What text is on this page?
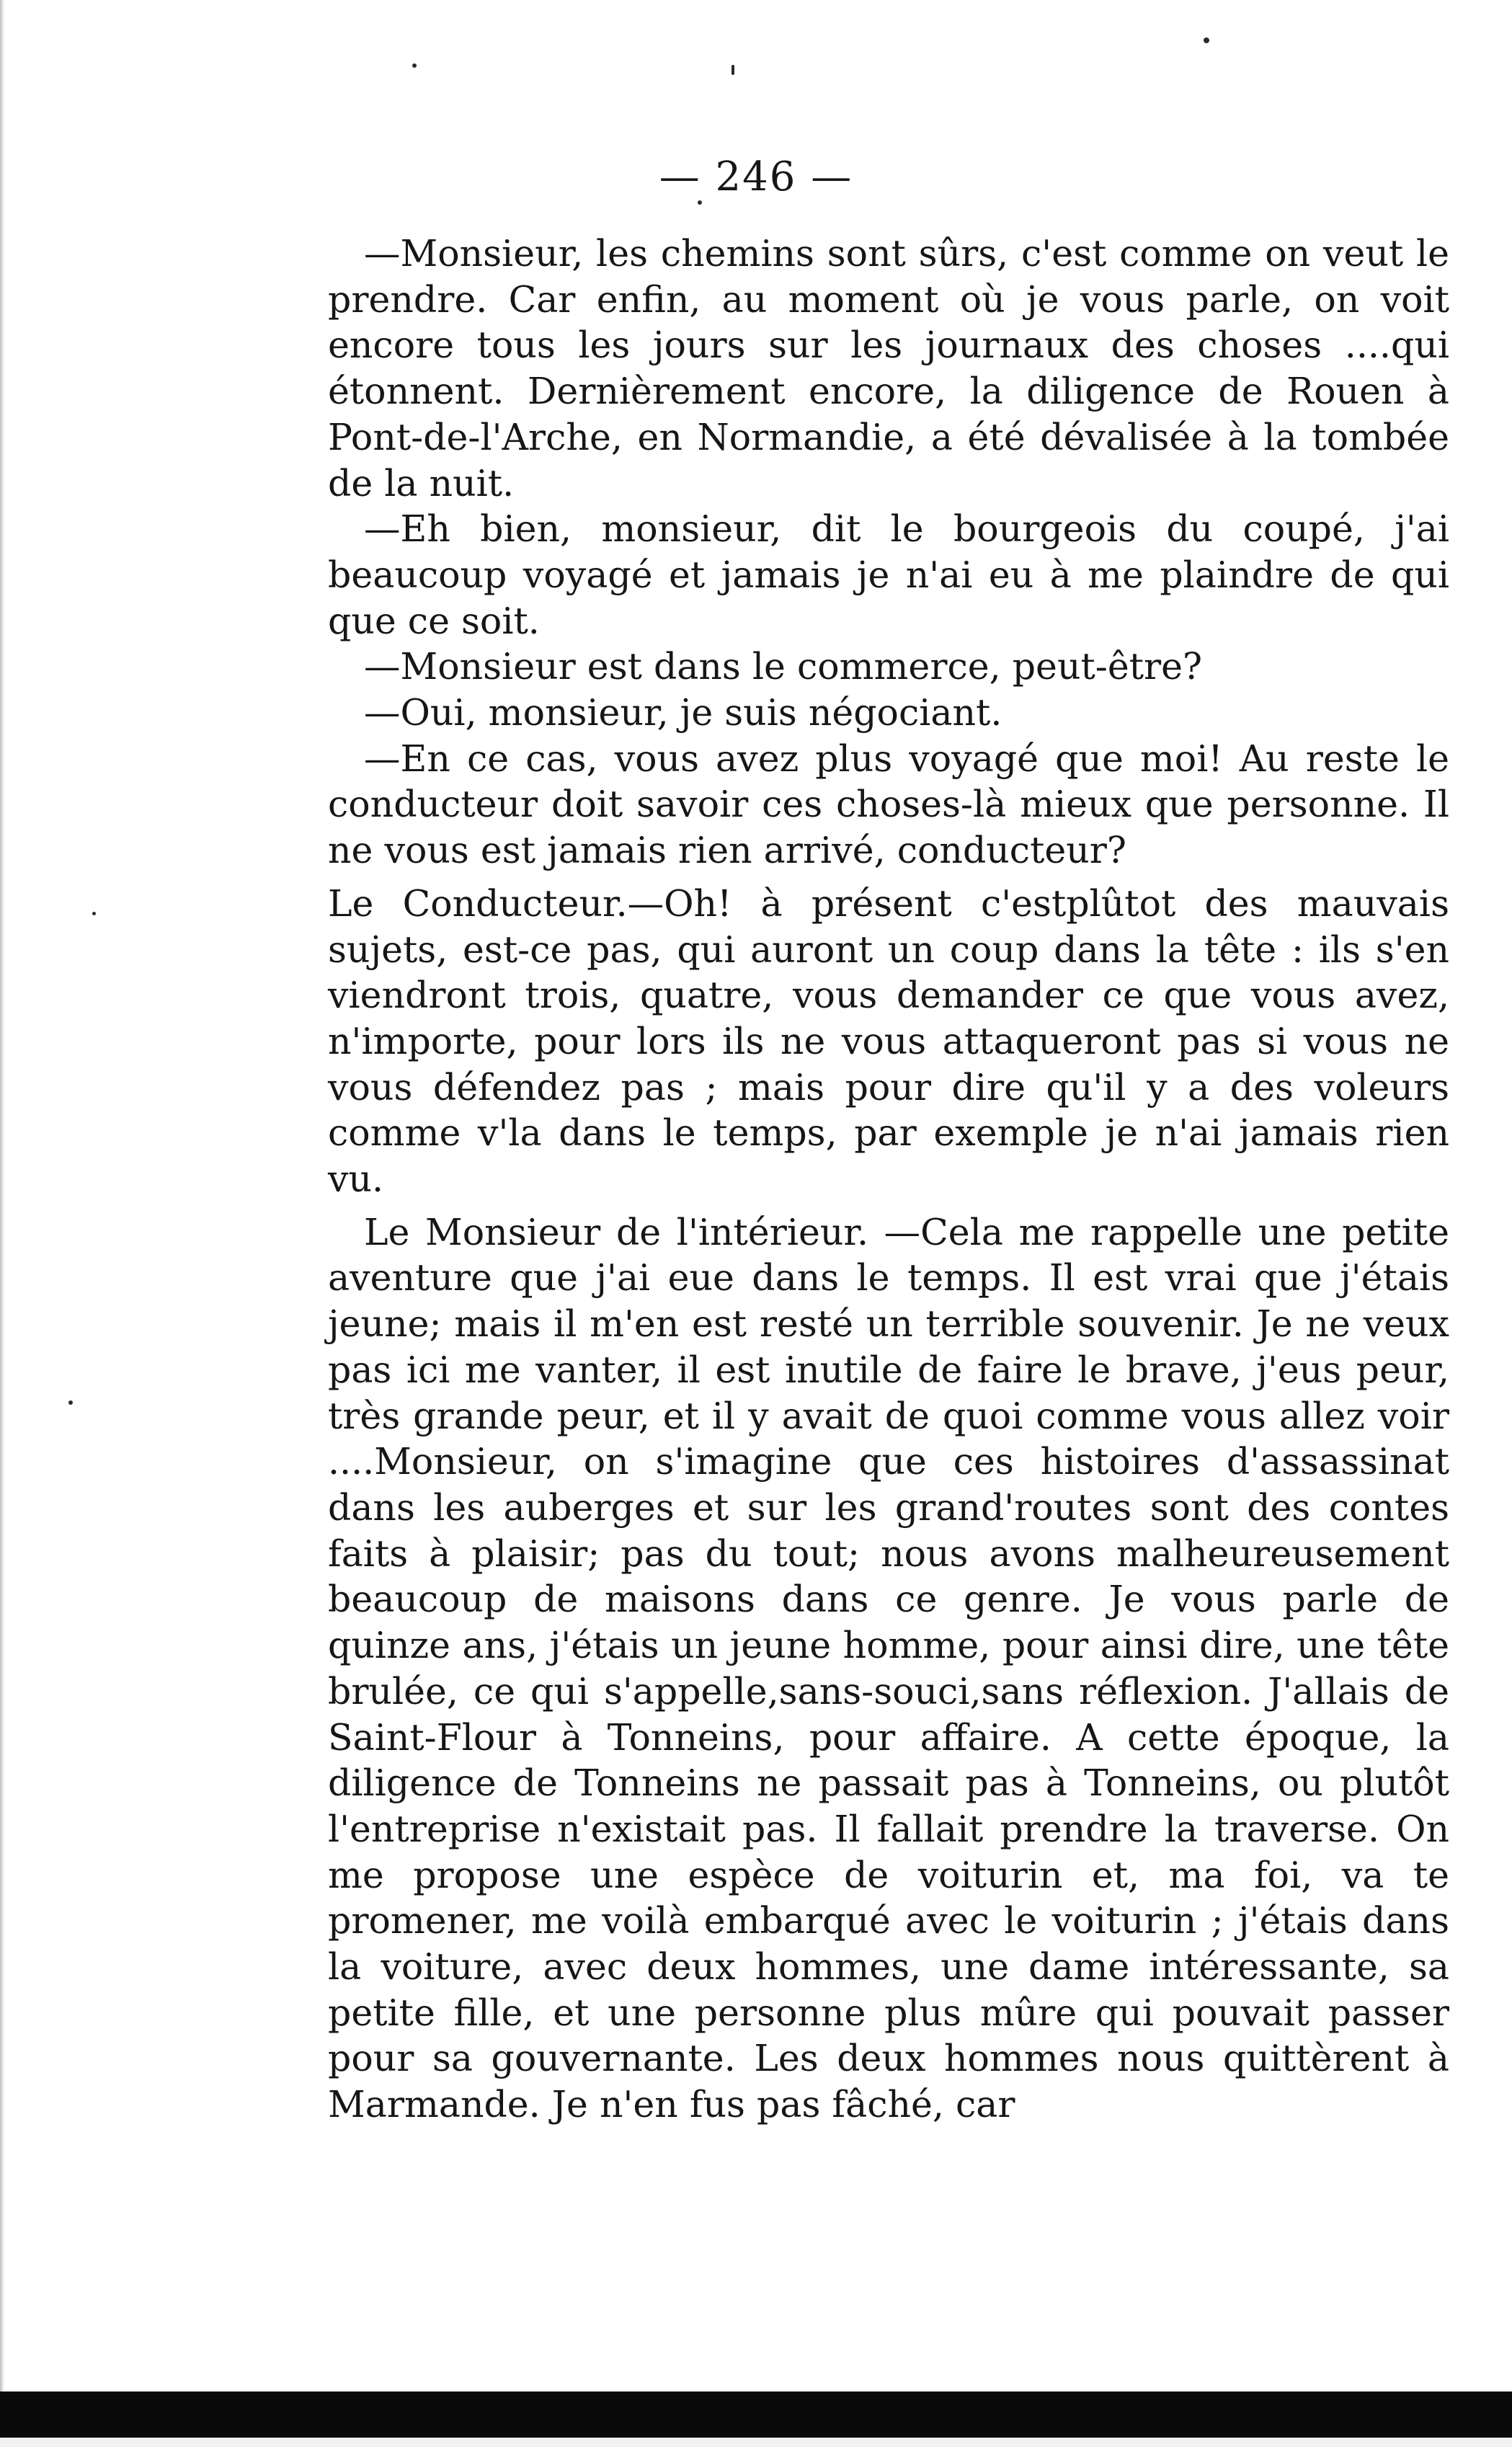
— 246 —

—Monsieur, les chemins sont sûrs, c'est comme on veut le prendre. Car enfin, au moment où je vous parle, on voit encore tous les jours sur les journaux des choses ....qui étonnent. Dernièrement encore, la diligence de Rouen à Pont-de-l'Arche, en Normandie, a été dévalisée à la tombée de la nuit.

—Eh bien, monsieur, dit le bourgeois du coupé, j'ai beaucoup voyagé et jamais je n'ai eu à me plaindre de qui que ce soit.

—Monsieur est dans le commerce, peut-être?

—Oui, monsieur, je suis négociant.

—En ce cas, vous avez plus voyagé que moi! Au reste le conducteur doit savoir ces choses-là mieux que personne. Il ne vous est jamais rien arrivé, conducteur?

Le Conducteur.—Oh! à présent c'estplûtot des mauvais sujets, est-ce pas, qui auront un coup dans la tête : ils s'en viendront trois, quatre, vous demander ce que vous avez, n'importe, pour lors ils ne vous attaqueront pas si vous ne vous défendez pas ; mais pour dire qu'il y a des voleurs comme v'la dans le temps, par exemple je n'ai jamais rien vu.

Le Monsieur de l'intérieur. —Cela me rappelle une petite aventure que j'ai eue dans le temps. Il est vrai que j'étais jeune; mais il m'en est resté un terrible souvenir. Je ne veux pas ici me vanter, il est inutile de faire le brave, j'eus peur, très grande peur, et il y avait de quoi comme vous allez voir ....Monsieur, on s'imagine que ces histoires d'assassinat dans les auberges et sur les grand'routes sont des contes faits à plaisir; pas du tout; nous avons malheureusement beaucoup de maisons dans ce genre. Je vous parle de quinze ans, j'étais un jeune homme, pour ainsi dire, une tête brulée, ce qui s'appelle,sans-souci,sans réflexion. J'allais de Saint-Flour à Tonneins, pour affaire. A cette époque, la diligence de Tonneins ne passait pas à Tonneins, ou plutôt l'entreprise n'existait pas. Il fallait prendre la traverse. On me propose une espèce de voiturin et, ma foi, va te promener, me voilà embarqué avec le voiturin ; j'étais dans la voiture, avec deux hommes, une dame intéressante, sa petite fille, et une personne plus mûre qui pouvait passer pour sa gouvernante. Les deux hommes nous quittèrent à Marmande. Je n'en fus pas fâché, car
